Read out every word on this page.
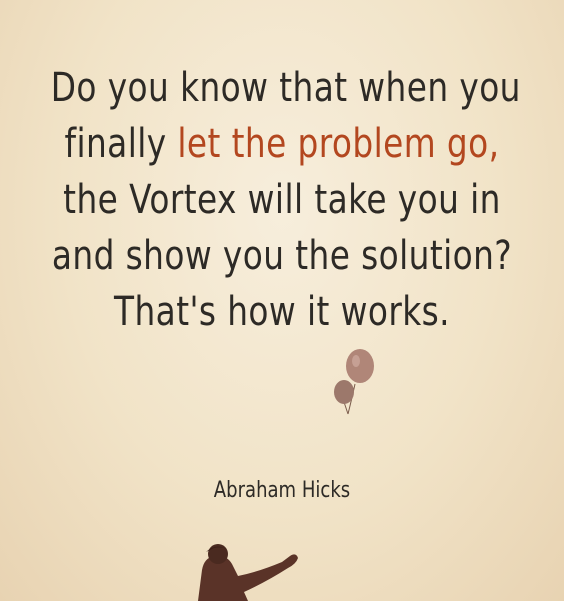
Do you know that when you
finally let the problem go,
the Vortex will take you in
and show you the solution?
That's how it works.
Abraham Hicks
